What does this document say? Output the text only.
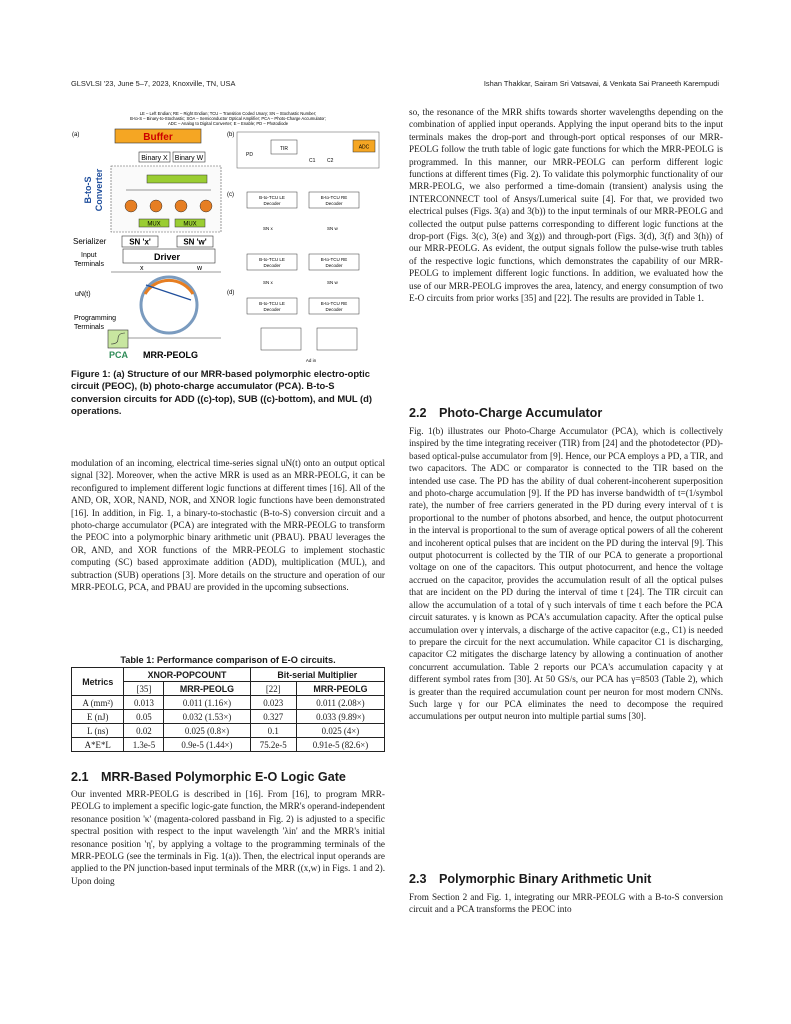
GLSVLSI '23, June 5–7, 2023, Knoxville, TN, USA	Ishan Thakkar, Sairam Sri Vatsavai, & Venkata Sai Praneeth Karempudi
LE – Left Endian; RE – Right Endian; TCU – Transition Coded Unary; SN – Stochastic Number;
B-to-S – Binary-to-Stochastic; SOA – Semiconductor Optical Amplifier; PCA – Photo-Charge Accumulator;
ADC – Analog to Digital Converter; E – Enable; PD – Photodiode
(a)	Buffer
Binary X Binary W
MUX	MUX
B-to-S Converter
Serializer	SN 'x'	SN 'w'
Input
Terminals
Driver
x	w
uN(t)
Programming
Terminals
PCA MRR-PEOLG
(b)
PD
TIR
C1 C2
ADC
(c)	B-to-TCU LE
Decoder
B-to-TCU RE
Decoder
SN x	SN w
B-to-TCU LE
Decoder
B-to-TCU RE
Decoder
SN x	SN w
(d)
B-to-TCU LE
Decoder
B-to-TCU RE
Decoder
Ad in

Figure 1: (a) Structure of our MRR-based polymorphic electro-optic circuit (PEOC), (b) photo-charge accumulator (PCA). B-to-S conversion circuits for ADD ((c)-top), SUB ((c)-bottom), and MUL (d) operations.

modulation of an incoming, electrical time-series signal uN(t) onto an output optical signal [32]. Moreover, when the active MRR is used as an MRR-PEOLG, it can be reconfigured to implement different logic functions at different times [16]. All of the AND, OR, XOR, NAND, NOR, and XNOR logic functions have been demonstrated [16]. In addition, in Fig. 1, a binary-to-stochastic (B-to-S) conversion circuit and a photo-charge accumulator (PCA) are integrated with the MRR-PEOLG to transform the PEOC into a polymorphic binary arithmetic unit (PBAU). PBAU leverages the OR, AND, and XOR functions of the MRR-PEOLG to implement stochastic computing (SC) based approximate addition (ADD), multiplication (MUL), and subtraction (SUB) operations [3]. More details on the structure and operation of our MRR-PEOLG, PCA, and PBAU are provided in the upcoming subsections.

Table 1: Performance comparison of E-O circuits.

Metrics	XNOR-POPCOUNT		Bit-serial Multiplier	
	[35]	MRR-PEOLG	[22]	MRR-PEOLG
A (mm²)	0.013	0.011 (1.16×)	0.023	0.011 (2.08×)
E (nJ)	0.05	0.032 (1.53×)	0.327	0.033 (9.89×)
L (ns)	0.02	0.025 (0.8×)	0.1	0.025 (4×)
A*E*L	1.3e-5	0.9e-5 (1.44×)	75.2e-5	0.91e-5 (82.6×)

2.1 MRR-Based Polymorphic E-O Logic Gate

Our invented MRR-PEOLG is described in [16]. From [16], to program MRR-PEOLG to implement a specific logic-gate function, the MRR's operand-independent resonance position 'κ' (magenta-colored passband in Fig. 2) is adjusted to a specific spectral position with respect to the input wavelength 'λin' and the MRR's initial resonance position 'η', by applying a voltage to the programming terminals of the MRR-PEOLG (see the terminals in Fig. 1(a)). Then, the electrical input operands are applied to the PN junction-based input terminals of the MRR ((x,w) in Figs. 1 and 2). Upon doing

so, the resonance of the MRR shifts towards shorter wavelengths depending on the combination of applied input operands. Applying the input operand bits to the input terminals makes the drop-port and through-port optical responses of our MRR-PEOLG follow the truth table of logic gate functions for which the MRR-PEOLG is programmed. In this manner, our MRR-PEOLG can perform different logic functions at different times (Fig. 2). To validate this polymorphic functionality of our MRR-PEOLG, we also performed a time-domain (transient) analysis using the INTERCONNECT tool of Ansys/Lumerical suite [4]. For that, we provided two electrical pulses (Figs. 3(a) and 3(b)) to the input terminals of our MRR-PEOLG and collected the output pulse patterns corresponding to different logic functions at the drop-port (Figs. 3(c), 3(e) and 3(g)) and through-port (Figs. 3(d), 3(f) and 3(h)) of our MRR-PEOLG. As evident, the output signals follow the pulse-wise truth tables of the respective logic functions, which demonstrates the capability of our MRR-PEOLG to implement different logic functions. In addition, we evaluated how the use of our MRR-PEOLG improves the area, latency, and energy consumption of two E-O circuits from prior works [35] and [22]. The results are provided in Table 1.

2.2 Photo-Charge Accumulator

Fig. 1(b) illustrates our Photo-Charge Accumulator (PCA), which is collectively inspired by the time integrating receiver (TIR) from [24] and the photodetector (PD)-based optical-pulse accumulator from [9]. Hence, our PCA employs a PD, a TIR, and two capacitors. The ADC or comparator is connected to the TIR based on the intended use case. The PD has the ability of dual coherent-incoherent superposition and photo-charge accumulation [9]. If the PD has inverse bandwidth of t=(1/symbol rate), the number of free carriers generated in the PD during every interval of t is proportional to the number of photons absorbed, and hence, the output photocurrent in the interval is proportional to the sum of average optical powers of all the coherent and incoherent optical pulses that are incident on the PD during the interval [9]. This output photocurrent is collected by the TIR of our PCA to generate a proportional voltage on one of the capacitors. This output photocurrent, and hence the voltage accrued on the capacitor, provides the accumulation result of all the optical pulses that are incident on the PD during the interval of time t [24]. The TIR circuit can allow the accumulation of a total of γ such intervals of time t each before the PCA circuit saturates. γ is known as PCA's accumulation capacity. After the optical pulse accumulation over γ intervals, a discharge of the active capacitor (e.g., C1) is needed to prepare the circuit for the next accumulation. While capacitor C1 is discharging, capacitor C2 mitigates the discharge latency by allowing a continuation of another concurrent accumulation. Table 2 reports our PCA's accumulation capacity γ at different symbol rates from [30]. At 50 GS/s, our PCA has γ=8503 (Table 2), which is greater than the required accumulation count per neuron for most modern CNNs. Such large γ for our PCA eliminates the need to decompose the required accumulations per output neuron into multiple partial sums [30].

2.3 Polymorphic Binary Arithmetic Unit

From Section 2 and Fig. 1, integrating our MRR-PEOLG with a B-to-S conversion circuit and a PCA transforms the PEOC into
